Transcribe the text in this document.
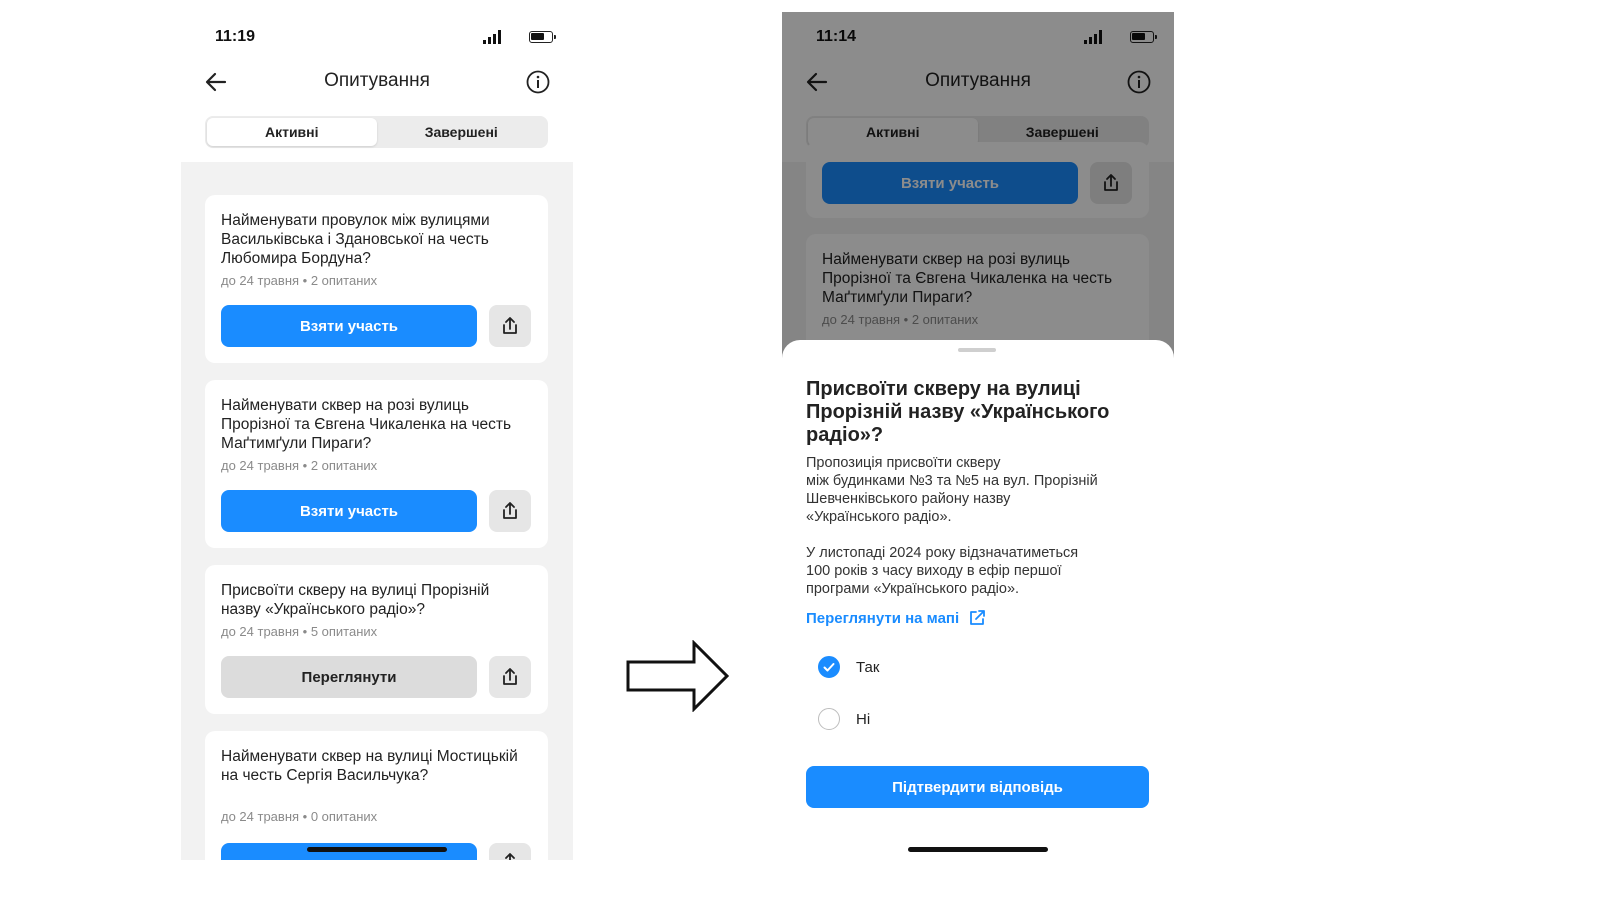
11:19
Опитування
Активні	Завершені
Найменувати провулок між вулицями Васильківська і Здановської на честь Любомира Бордуна?
до 24 травня • 2 опитаних
Взяти участь
Найменувати сквер на розі вулиць Прорізної та Євгена Чикаленка на честь Маґтимґули Пираги?
до 24 травня • 2 опитаних
Взяти участь
Присвоїти скверу на вулиці Прорізній назву «Українського радіо»?
до 24 травня • 5 опитаних
Переглянути
Найменувати сквер на вулиці Мостицькій на честь Сергія Васильчука?
до 24 травня • 0 опитаних
11:14
Опитування
Активні	Завершені
Взяти участь
Найменувати сквер на розі вулиць Прорізної та Євгена Чикаленка на честь Маґтимґули Пираги?
до 24 травня • 2 опитаних
Присвоїти скверу на вулиці Прорізній назву «Українського радіо»?
Пропозиція присвоїти скверу
між будинками №3 та №5 на вул. Прорізній
Шевченківського району назву
«Українського радіо».
У листопаді 2024 року відзначатиметься
100 років з часу виходу в ефір першої
програми «Українського радіо».
Переглянути на мапі
Так
Ні
Підтвердити відповідь
